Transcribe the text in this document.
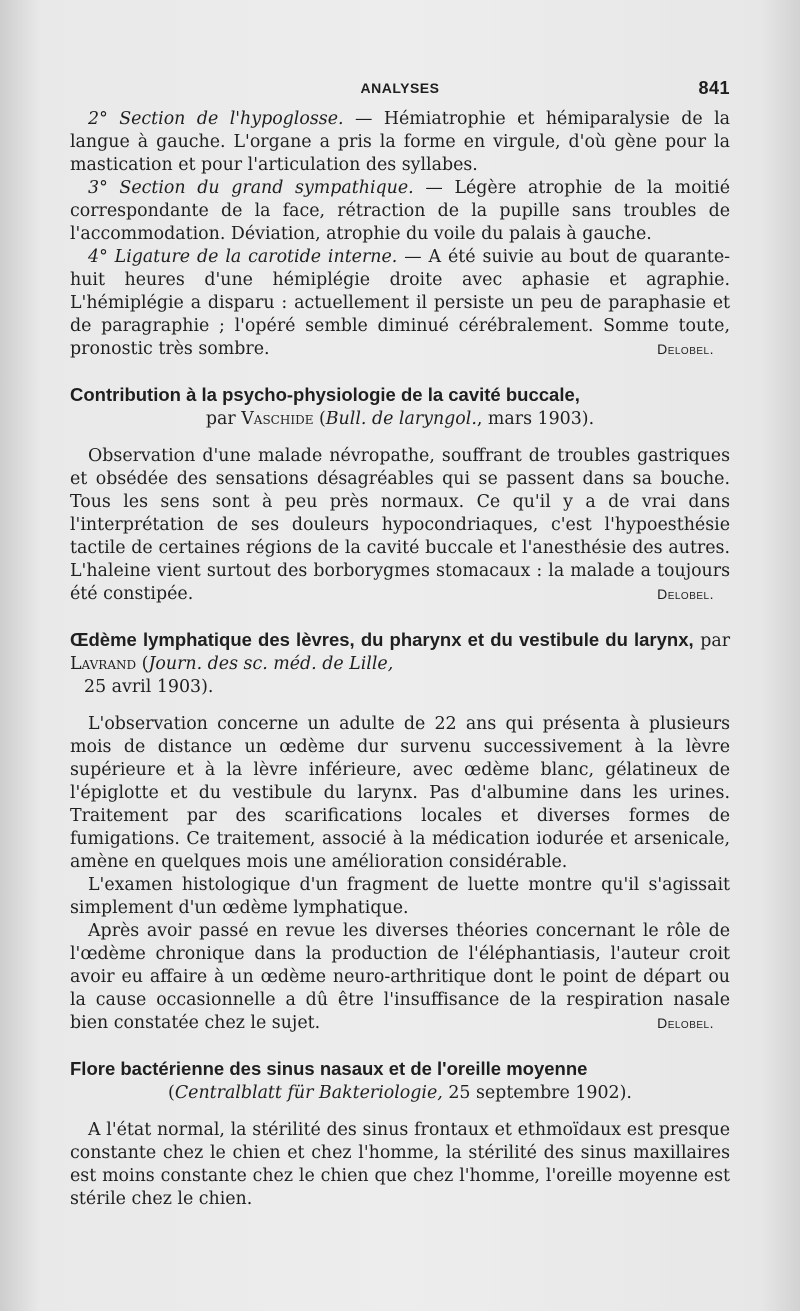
ANALYSES	841

2° Section de l'hypoglosse. — Hémiatrophie et hémiparalysie de la langue à gauche. L'organe a pris la forme en virgule, d'où gène pour la mastication et pour l'articulation des syllabes.

3° Section du grand sympathique. — Légère atrophie de la moitié correspondante de la face, rétraction de la pupille sans troubles de l'accommodation. Déviation, atrophie du voile du palais à gauche.

4° Ligature de la carotide interne. — A été suivie au bout de quarante-huit heures d'une hémiplégie droite avec aphasie et agraphie. L'hémiplégie a disparu : actuellement il persiste un peu de paraphasie et de paragraphie ; l'opéré semble diminué cérébralement. Somme toute, pronostic très sombre.	Delobel.

Contribution à la psycho-physiologie de la cavité buccale,
par Vaschide (Bull. de laryngol., mars 1903).

Observation d'une malade névropathe, souffrant de troubles gastriques et obsédée des sensations désagréables qui se passent dans sa bouche. Tous les sens sont à peu près normaux. Ce qu'il y a de vrai dans l'interprétation de ses douleurs hypocondriaques, c'est l'hypoesthésie tactile de certaines régions de la cavité buccale et l'anesthésie des autres. L'haleine vient surtout des borborygmes stomacaux : la malade a toujours été constipée.	Delobel.

Œdème lymphatique des lèvres, du pharynx et du vestibule du larynx, par Lavrand (Journ. des sc. méd. de Lille,
25 avril 1903).

L'observation concerne un adulte de 22 ans qui présenta à plusieurs mois de distance un œdème dur survenu successivement à la lèvre supérieure et à la lèvre inférieure, avec œdème blanc, gélatineux de l'épiglotte et du vestibule du larynx. Pas d'albumine dans les urines. Traitement par des scarifications locales et diverses formes de fumigations. Ce traitement, associé à la médication iodurée et arsenicale, amène en quelques mois une amélioration considérable.

L'examen histologique d'un fragment de luette montre qu'il s'agissait simplement d'un œdème lymphatique.

Après avoir passé en revue les diverses théories concernant le rôle de l'œdème chronique dans la production de l'éléphantiasis, l'auteur croit avoir eu affaire à un œdème neuro-arthritique dont le point de départ ou la cause occasionnelle a dû être l'insuffisance de la respiration nasale bien constatée chez le sujet.	Delobel.

Flore bactérienne des sinus nasaux et de l'oreille moyenne
(Centralblatt für Bakteriologie, 25 septembre 1902).

A l'état normal, la stérilité des sinus frontaux et ethmoïdaux est presque constante chez le chien et chez l'homme, la stérilité des sinus maxillaires est moins constante chez le chien que chez l'homme, l'oreille moyenne est stérile chez le chien.
